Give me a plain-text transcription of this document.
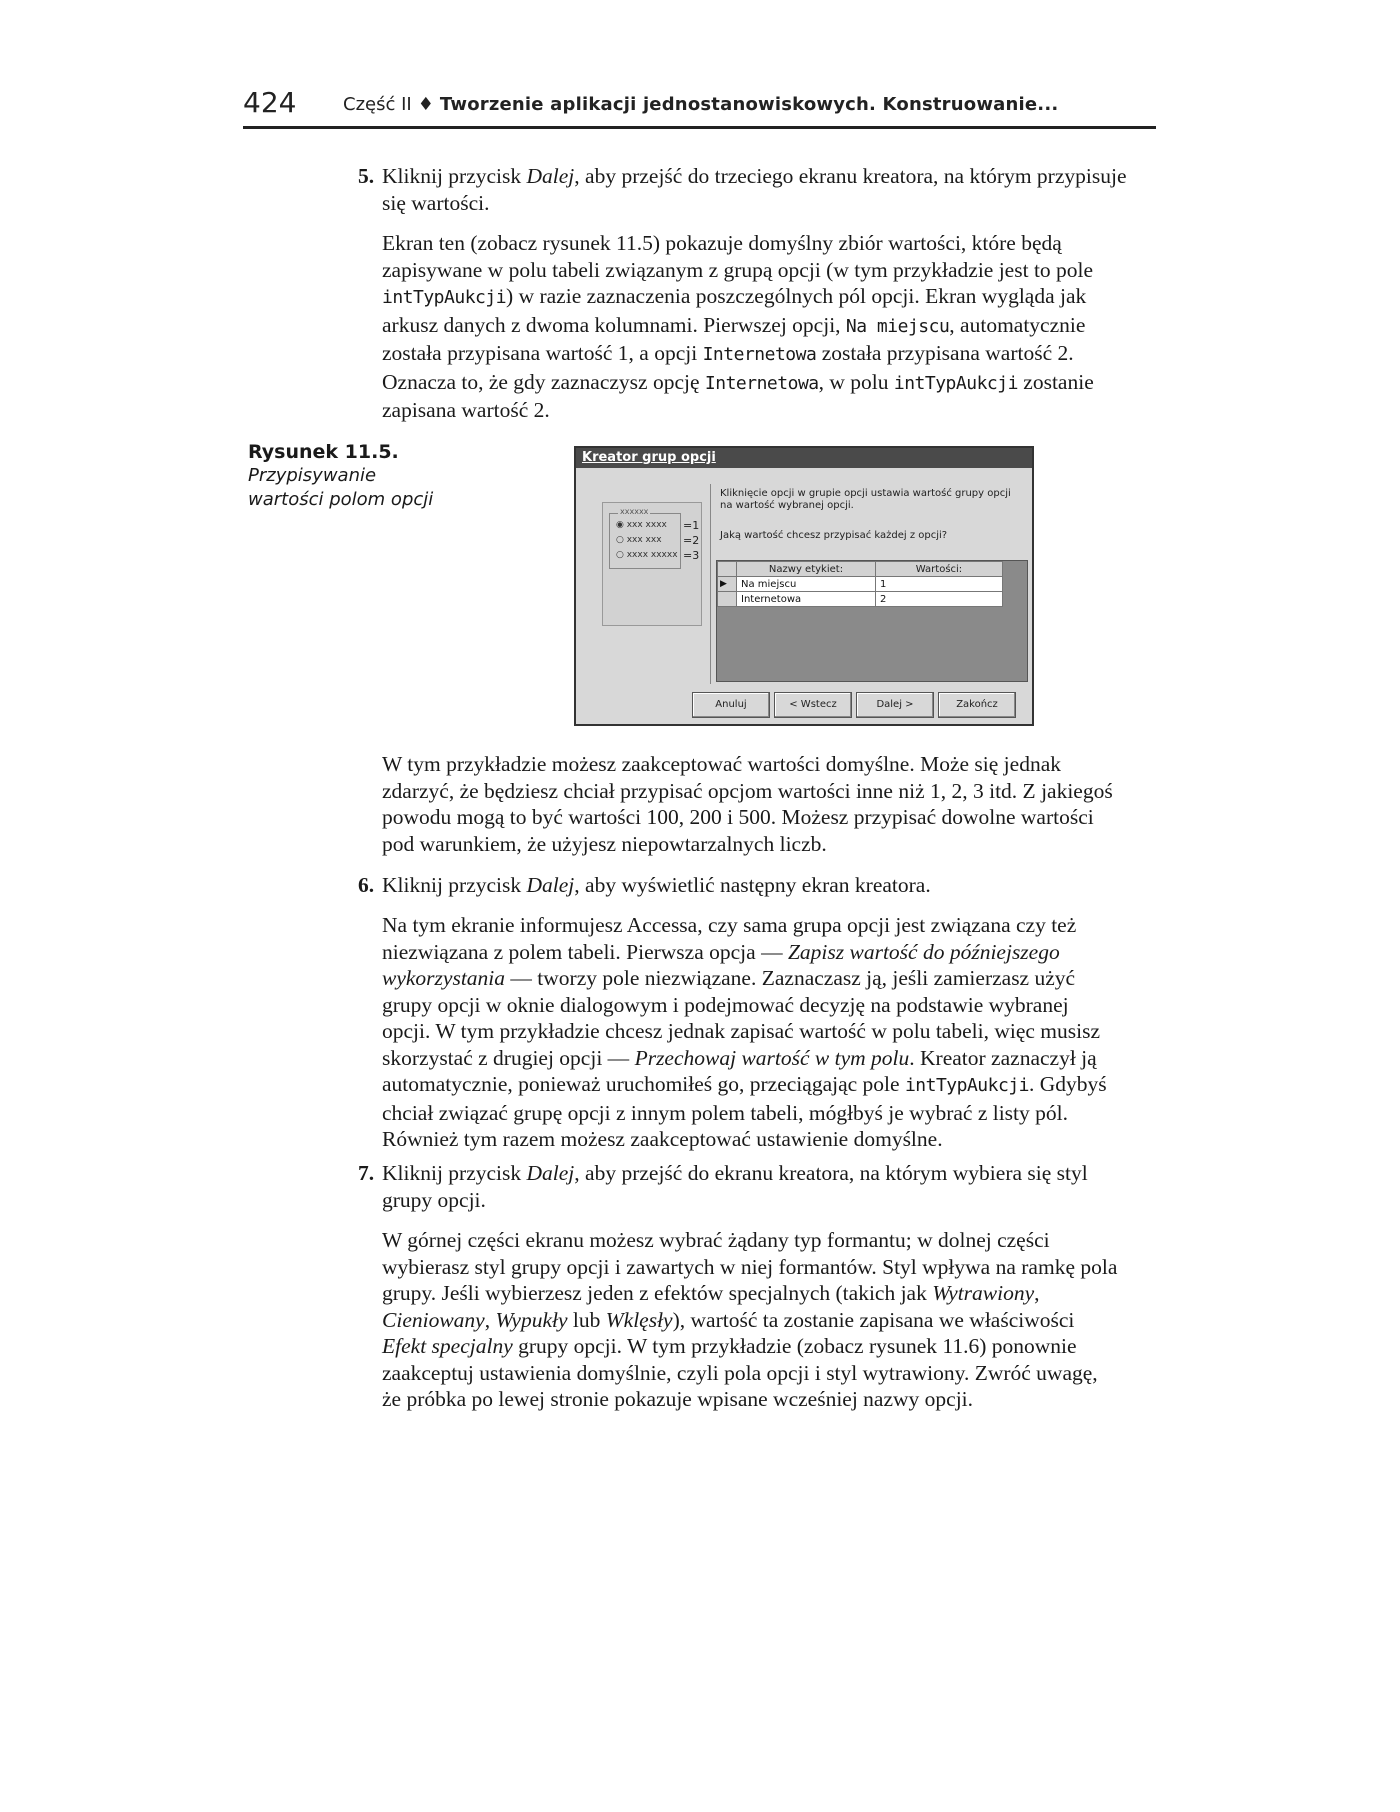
424	Część II ♦ Tworzenie aplikacji jednostanowiskowych. Konstruowanie...
5. Kliknij przycisk Dalej, aby przejść do trzeciego ekranu kreatora, na którym przypisuje się wartości.
Ekran ten (zobacz rysunek 11.5) pokazuje domyślny zbiór wartości, które będą zapisywane w polu tabeli związanym z grupą opcji (w tym przykładzie jest to pole intTypAukcji) w razie zaznaczenia poszczególnych pól opcji. Ekran wygląda jak arkusz danych z dwoma kolumnami. Pierwszej opcji, Na miejscu, automatycznie została przypisana wartość 1, a opcji Internetowa została przypisana wartość 2. Oznacza to, że gdy zaznaczysz opcję Internetowa, w polu intTypAukcji zostanie zapisana wartość 2.
Rysunek 11.5.
Przypisywanie wartości polom opcji
Kreator grup opcji
xxxxxx
◉ xxx xxxx
○ xxx xxx
○ xxxx xxxxx
=1
=2
=3
Kliknięcie opcji w grupie opcji ustawia wartość grupy opcji na wartość wybranej opcji.
Jaką wartość chcesz przypisać każdej z opcji?
	Nazwy etykiet:	Wartości:
▶	Na miejscu	1
	Internetowa	2
Anuluj	< Wstecz	Dalej >	Zakończ
W tym przykładzie możesz zaakceptować wartości domyślne. Może się jednak zdarzyć, że będziesz chciał przypisać opcjom wartości inne niż 1, 2, 3 itd. Z jakiegoś powodu mogą to być wartości 100, 200 i 500. Możesz przypisać dowolne wartości pod warunkiem, że użyjesz niepowtarzalnych liczb.
6. Kliknij przycisk Dalej, aby wyświetlić następny ekran kreatora.
Na tym ekranie informujesz Accessa, czy sama grupa opcji jest związana czy też niezwiązana z polem tabeli. Pierwsza opcja — Zapisz wartość do późniejszego wykorzystania — tworzy pole niezwiązane. Zaznaczasz ją, jeśli zamierzasz użyć grupy opcji w oknie dialogowym i podejmować decyzję na podstawie wybranej opcji. W tym przykładzie chcesz jednak zapisać wartość w polu tabeli, więc musisz skorzystać z drugiej opcji — Przechowaj wartość w tym polu. Kreator zaznaczył ją automatycznie, ponieważ uruchomiłeś go, przeciągając pole intTypAukcji. Gdybyś chciał związać grupę opcji z innym polem tabeli, mógłbyś je wybrać z listy pól. Również tym razem możesz zaakceptować ustawienie domyślne.
7. Kliknij przycisk Dalej, aby przejść do ekranu kreatora, na którym wybiera się styl grupy opcji.
W górnej części ekranu możesz wybrać żądany typ formantu; w dolnej części wybierasz styl grupy opcji i zawartych w niej formantów. Styl wpływa na ramkę pola grupy. Jeśli wybierzesz jeden z efektów specjalnych (takich jak Wytrawiony, Cieniowany, Wypukły lub Wklęsły), wartość ta zostanie zapisana we właściwości Efekt specjalny grupy opcji. W tym przykładzie (zobacz rysunek 11.6) ponownie zaakceptuj ustawienia domyślnie, czyli pola opcji i styl wytrawiony. Zwróć uwagę, że próbka po lewej stronie pokazuje wpisane wcześniej nazwy opcji.
